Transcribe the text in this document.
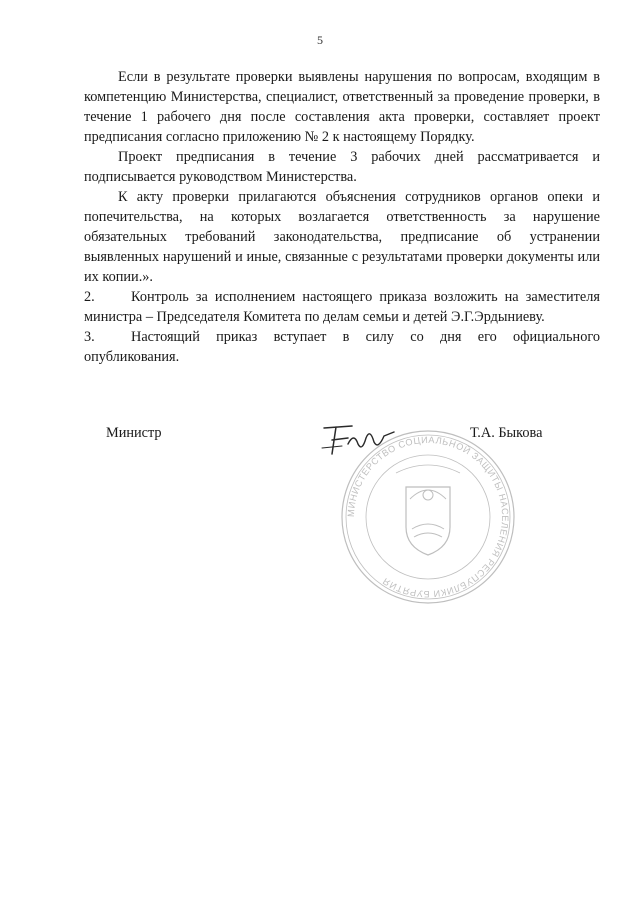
5
Если в результате проверки выявлены нарушения по вопросам, входящим в
компетенцию Министерства, специалист, ответственный за проведение проверки, в
течение 1 рабочего дня после составления акта проверки, составляет проект
предписания согласно приложению № 2 к настоящему Порядку.
Проект предписания в течение 3 рабочих дней рассматривается и
подписывается руководством Министерства.
К акту проверки прилагаются объяснения сотрудников органов опеки и
попечительства, на которых возлагается ответственность за нарушение
обязательных требований законодательства, предписание об устранении
выявленных нарушений и иные, связанные с результатами проверки документы или
их копии.».
2.	Контроль за исполнением настоящего приказа возложить на заместителя
министра – Председателя Комитета по делам семьи и детей Э.Г.Эрдыниеву.
3.	Настоящий приказ вступает в силу со дня его официального
опубликования.
Министр
МИНИСТЕРСТВО СОЦИАЛЬНОЙ ЗАЩИТЫ НАСЕЛЕНИЯ РЕСПУБЛИКИ БУРЯТИЯ
Т.А. Быкова
